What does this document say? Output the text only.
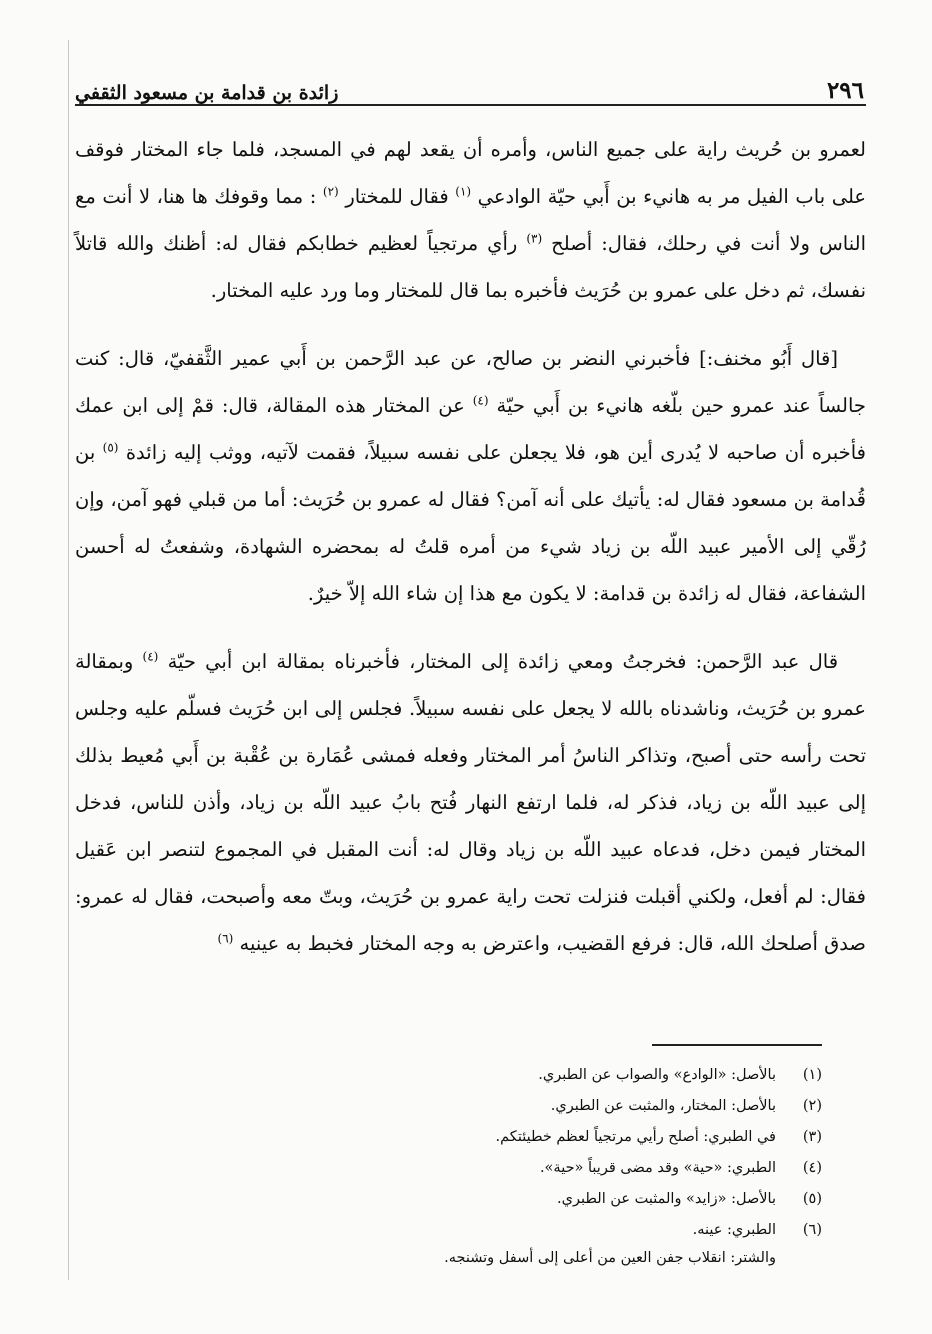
٢٩٦
زائدة بن قدامة بن مسعود الثقفي

لعمرو بن حُريث راية على جميع الناس، وأمره أن يقعد لهم في المسجد، فلما جاء المختار فوقف على باب الفيل مر به هانيء بن أَبي حيّة الوادعي $^{(١)}$ فقال للمختار $^{(٢)}$ : مما وقوفك ها هنا، لا أنت مع الناس ولا أنت في رحلك، فقال: أصلح $^{(٣)}$ رأي مرتجياً لعظيم خطابكم فقال له: أظنك والله قاتلاً نفسك، ثم دخل على عمرو بن حُرَيث فأخبره بما قال للمختار وما ورد عليه المختار.

[قال أَبُو مخنف:] فأخبرني النضر بن صالح، عن عبد الرَّحمن بن أَبي عمير الثَّقفيّ، قال: كنت جالساً عند عمرو حين بلّغه هانيء بن أَبي حيّة $^{(٤)}$ عن المختار هذه المقالة، قال: قمْ إلى ابن عمك فأخبره أن صاحبه لا يُدرى أين هو، فلا يجعلن على نفسه سبيلاً، فقمت لآتيه، ووثب إليه زائدة $^{(٥)}$ بن قُدامة بن مسعود فقال له: يأتيك على أنه آمن؟ فقال له عمرو بن حُرَيث: أما من قبلي فهو آمن، وإن رُقّي إلى الأمير عبيد اللّه بن زياد شيء من أمره قلتُ له بمحضره الشهادة، وشفعتُ له أحسن الشفاعة، فقال له زائدة بن قدامة: لا يكون مع هذا إن شاء الله إلاّ خيرٌ.

قال عبد الرَّحمن: فخرجتُ ومعي زائدة إلى المختار، فأخبرناه بمقالة ابن أبي حيّة $^{(٤)}$ وبمقالة عمرو بن حُرَيث، وناشدناه بالله لا يجعل على نفسه سبيلاً. فجلس إلى ابن حُرَيث فسلّم عليه وجلس تحت رأسه حتى أصبح، وتذاكر الناسُ أمر المختار وفعله فمشى عُمَارة بن عُقْبة بن أَبي مُعيط بذلك إلى عبيد اللّه بن زياد، فذكر له، فلما ارتفع النهار فُتح بابُ عبيد اللّه بن زياد، وأذن للناس، فدخل المختار فيمن دخل، فدعاه عبيد اللّه بن زياد وقال له: أنت المقبل في المجموع لتنصر ابن عَقيل فقال: لم أفعل، ولكني أقبلت فنزلت تحت راية عمرو بن حُرَيث، وبتّ معه وأصبحت، فقال له عمرو: صدق أصلحك الله، قال: فرفع القضيب، واعترض به وجه المختار فخبط به عينيه $^{(٦)}$

(١)
بالأصل: «الوادع» والصواب عن الطبري.
(٢)
بالأصل: المختار، والمثبت عن الطبري.
(٣)
في الطبري: أصلح رأيي مرتجياً لعظم خطيئتكم.
(٤)
الطبري: «حية» وقد مضى قريباً «حية».
(٥)
بالأصل: «زايد» والمثبت عن الطبري.
(٦)
الطبري: عينه.
والشتر: انقلاب جفن العين من أعلى إلى أسفل وتشنجه.
